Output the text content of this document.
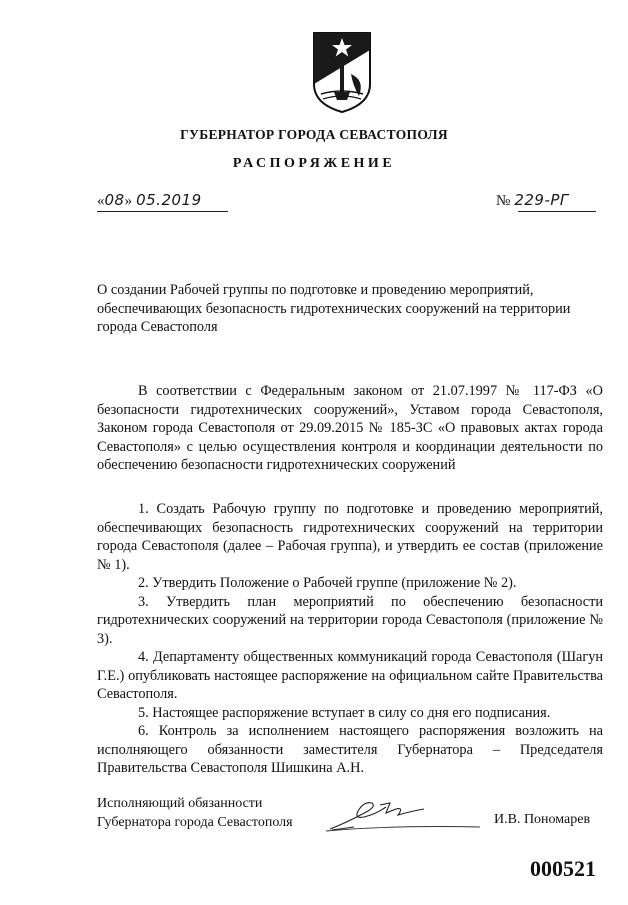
ГУБЕРНАТОР ГОРОДА СЕВАСТОПОЛЯ
РАСПОРЯЖЕНИЕ
«08» 05.2019	№ 229-РГ
О создании Рабочей группы по подготовке и проведению мероприятий, обеспечивающих безопасность гидротехнических сооружений на территории города Севастополя

В соответствии с Федеральным законом от 21.07.1997 № 117-ФЗ «О безопасности гидротехнических сооружений», Уставом города Севастополя, Законом города Севастополя от 29.09.2015 № 185-ЗС «О правовых актах города Севастополя» с целью осуществления контроля и координации деятельности по обеспечению безопасности гидротехнических сооружений

1. Создать Рабочую группу по подготовке и проведению мероприятий, обеспечивающих безопасность гидротехнических сооружений на территории города Севастополя (далее – Рабочая группа), и утвердить ее состав (приложение № 1).

2. Утвердить Положение о Рабочей группе (приложение № 2).

3. Утвердить план мероприятий по обеспечению безопасности гидротехнических сооружений на территории города Севастополя (приложение № 3).

4. Департаменту общественных коммуникаций города Севастополя (Шагун Г.Е.) опубликовать настоящее распоряжение на официальном сайте Правительства Севастополя.

5. Настоящее распоряжение вступает в силу со дня его подписания.

6. Контроль за исполнением настоящего распоряжения возложить на исполняющего обязанности заместителя Губернатора – Председателя Правительства Севастополя Шишкина А.Н.

Исполняющий обязанности
Губернатора города Севастополя	И.В. Пономарев
000521
